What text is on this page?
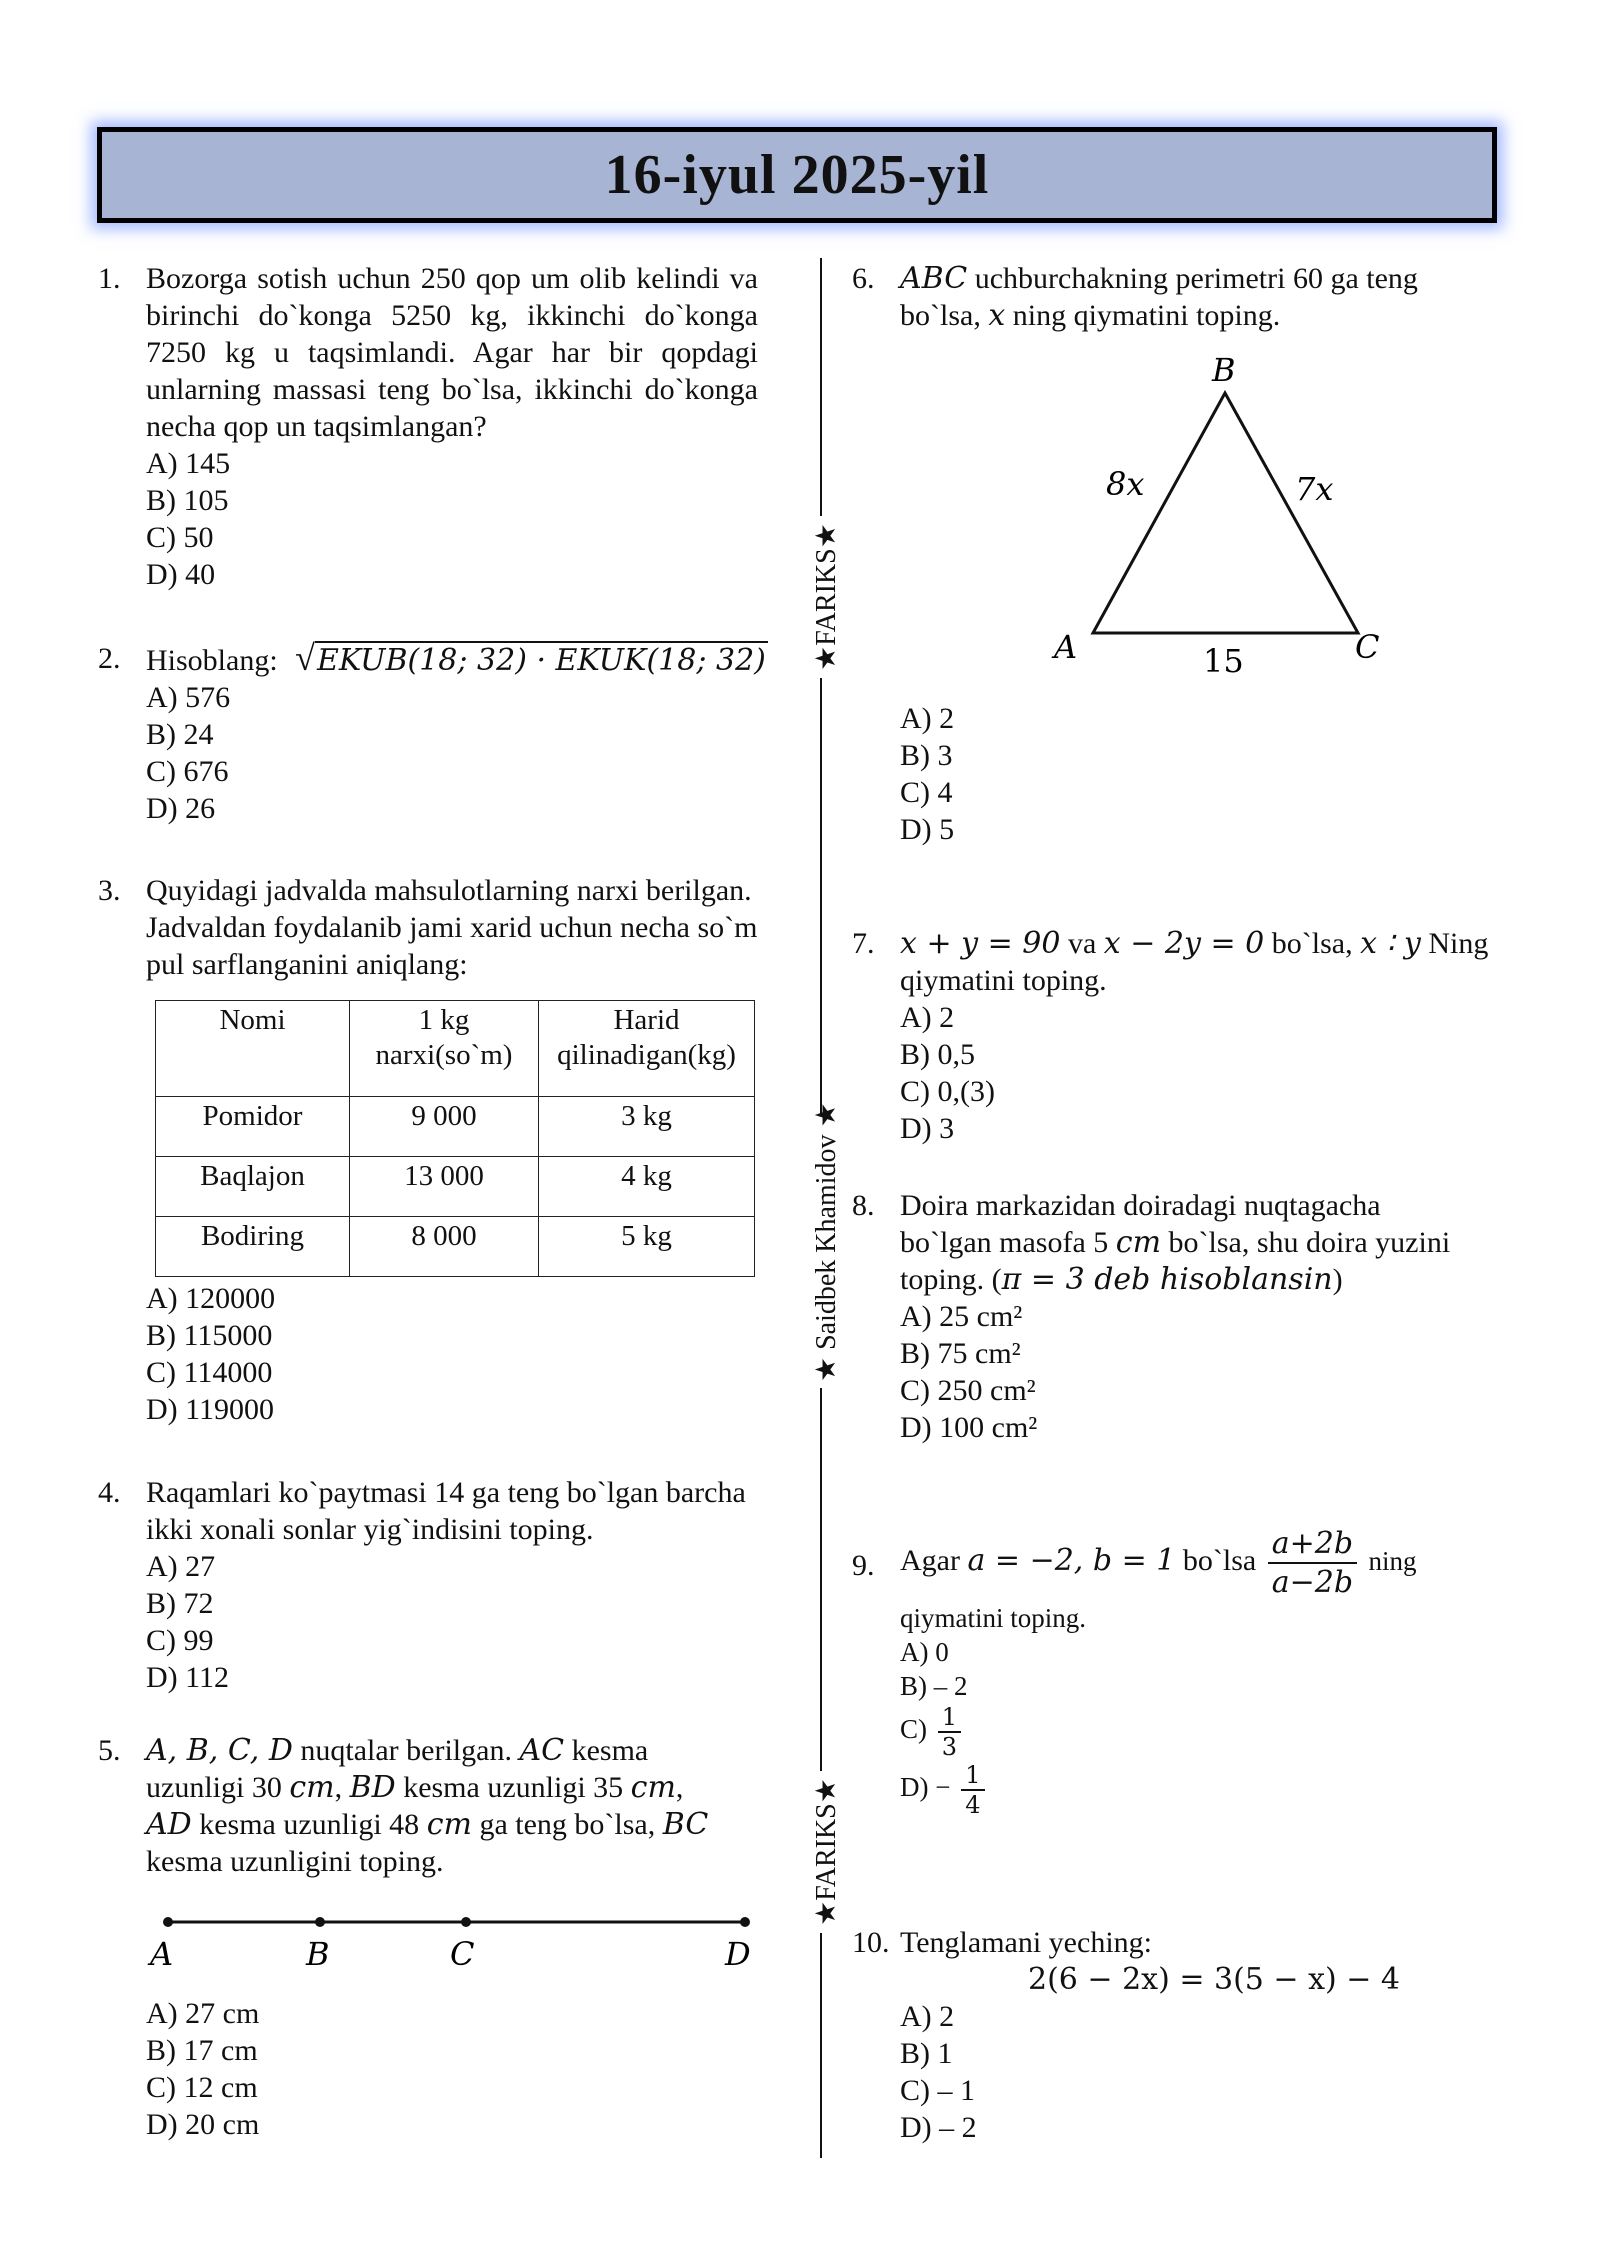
16-iyul 2025-yil
★FARIKS★
★ Saidbek Khamidov ★
★FARIKS★
1. Bozorga sotish uchun 250 qop um olib kelindi va birinchi do`konga 5250 kg, ikkinchi do`konga 7250 kg u taqsimlandi. Agar har bir qopdagi unlarning massasi teng bo`lsa, ikkinchi do`konga necha qop un taqsimlangan?
A) 145
B) 105
C) 50
D) 40
2. Hisoblang: √EKUB(18; 32) · EKUK(18; 32)
A) 576
B) 24
C) 676
D) 26
3. Quyidagi jadvalda mahsulotlarning narxi berilgan. Jadvaldan foydalanib jami xarid uchun necha so`m pul sarflanganini aniqlang:
Nomi	1 kg narxi(so`m)	Harid qilinadigan(kg)
Pomidor	9 000	3 kg
Baqlajon	13 000	4 kg
Bodiring	8 000	5 kg
A) 120000
B) 115000
C) 114000
D) 119000
4. Raqamlari ko`paytmasi 14 ga teng bo`lgan barcha ikki xonali sonlar yig`indisini toping.
A) 27
B) 72
C) 99
D) 112
5. A, B, C, D nuqtalar berilgan. AC kesma
uzunligi 30 cm, BD kesma uzunligi 35 cm,
AD kesma uzunligi 48 cm ga teng bo`lsa, BC
kesma uzunligini toping.
A	B	C	D
A) 27 cm
B) 17 cm
C) 12 cm
D) 20 cm
6. ABC uchburchakning perimetri 60 ga teng
bo`lsa, x ning qiymatini toping.
B
A	C
8x	7x
15
A) 2
B) 3
C) 4
D) 5
7. x + y = 90 va x − 2y = 0 bo`lsa, x ∶ y Ning
qiymatini toping.
A) 2
B) 0,5
C) 0,(3)
D) 3
8. Doira markazidan doiradagi nuqtagacha
bo`lgan masofa 5 cm bo`lsa, shu doira yuzini
toping. (π = 3 deb hisoblansin)
A) 25 cm²
B) 75 cm²
C) 250 cm²
D) 100 cm²
9. Agar a = −2, b = 1 bo`lsa $\frac{a+2b}{a-2b}$ ning
qiymatini toping.
A) 0
B) – 2
$C) \frac{1}{3}$
$D) - \frac{1}{4}$
10. Tenglamani yeching:
2(6 − 2x) = 3(5 − x) − 4
A) 2
B) 1
C) – 1
D) – 2
